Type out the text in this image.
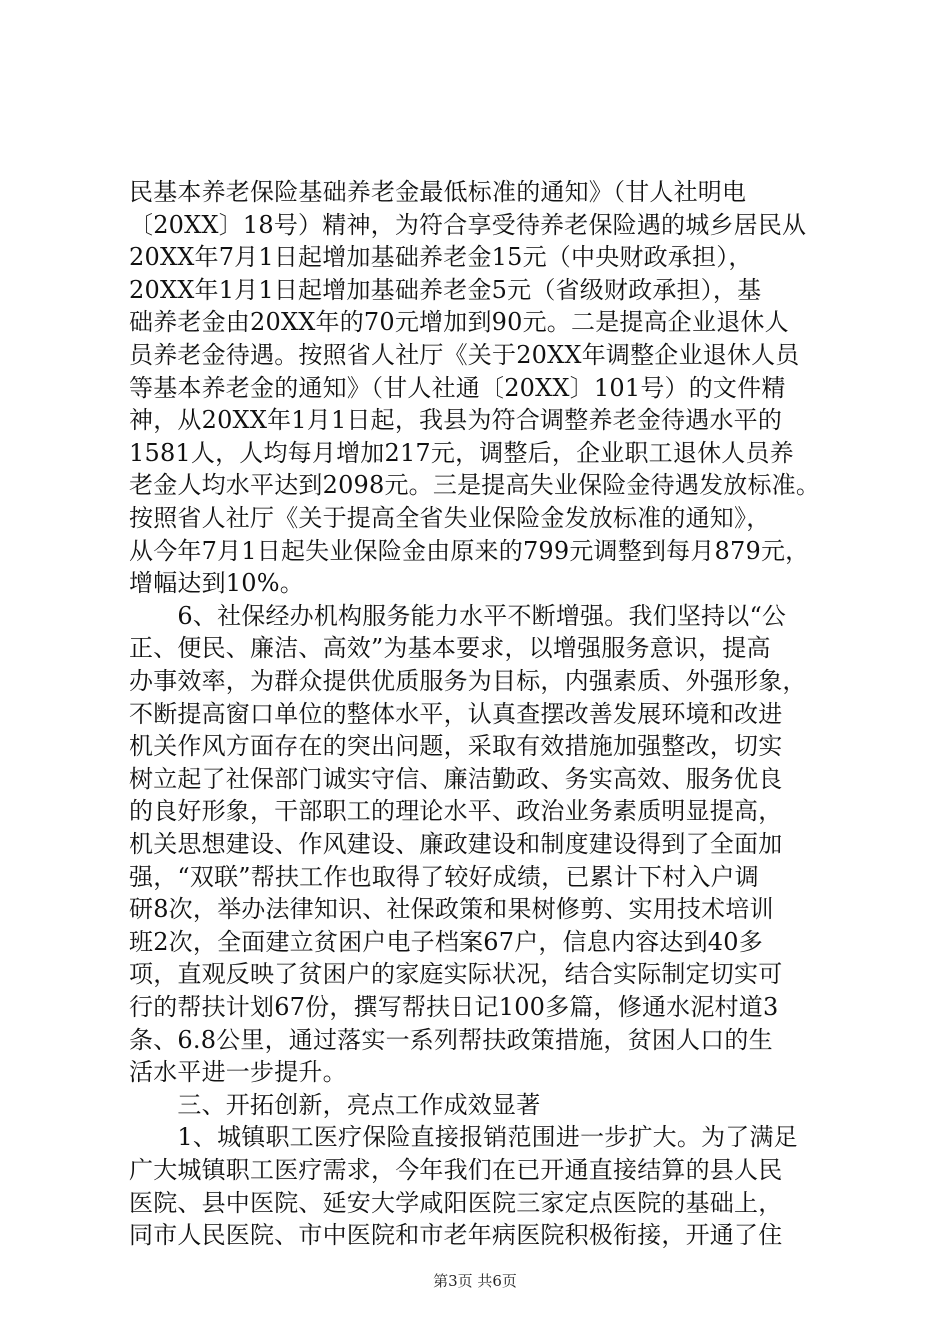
民基本养老保险基础养老金最低标准的通知》（甘人社明电
〔20XX〕18号）精神，为符合享受待养老保险遇的城乡居民从
20XX年7月1日起增加基础养老金15元（中央财政承担），
20XX年1月1日起增加基础养老金5元（省级财政承担），基
础养老金由20XX年的70元增加到90元。二是提高企业退休人
员养老金待遇。按照省人社厅《关于20XX年调整企业退休人员
等基本养老金的通知》（甘人社通〔20XX〕101号）的文件精
神，从20XX年1月1日起，我县为符合调整养老金待遇水平的
1581人，人均每月增加217元，调整后，企业职工退休人员养
老金人均水平达到2098元。三是提高失业保险金待遇发放标准。
按照省人社厅《关于提高全省失业保险金发放标准的通知》，
从今年7月1日起失业保险金由原来的799元调整到每月879元，
增幅达到10%。
　　6、社保经办机构服务能力水平不断增强。我们坚持以“公
正、便民、廉洁、高效”为基本要求，以增强服务意识，提高
办事效率，为群众提供优质服务为目标，内强素质、外强形象，
不断提高窗口单位的整体水平，认真查摆改善发展环境和改进
机关作风方面存在的突出问题，采取有效措施加强整改，切实
树立起了社保部门诚实守信、廉洁勤政、务实高效、服务优良
的良好形象，干部职工的理论水平、政治业务素质明显提高，
机关思想建设、作风建设、廉政建设和制度建设得到了全面加
强，“双联”帮扶工作也取得了较好成绩，已累计下村入户调
研8次，举办法律知识、社保政策和果树修剪、实用技术培训
班2次，全面建立贫困户电子档案67户，信息内容达到40多
项，直观反映了贫困户的家庭实际状况，结合实际制定切实可
行的帮扶计划67份，撰写帮扶日记100多篇，修通水泥村道3
条、6.8公里，通过落实一系列帮扶政策措施，贫困人口的生
活水平进一步提升。
　　三、开拓创新，亮点工作成效显著
　　1、城镇职工医疗保险直接报销范围进一步扩大。为了满足
广大城镇职工医疗需求，今年我们在已开通直接结算的县人民
医院、县中医院、延安大学咸阳医院三家定点医院的基础上，
同市人民医院、市中医院和市老年病医院积极衔接，开通了住
第3页 共6页
